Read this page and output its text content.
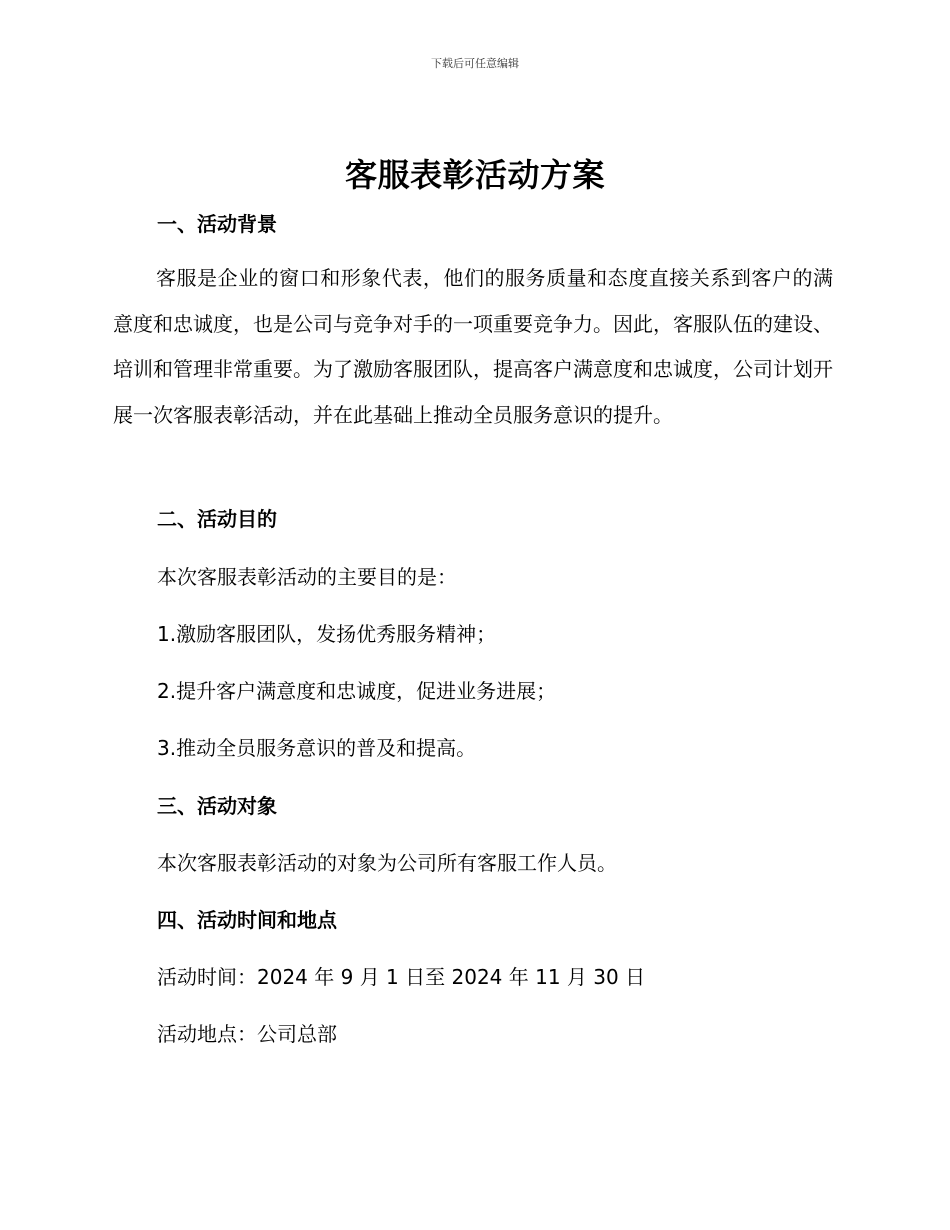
下载后可任意编辑
客服表彰活动方案
一、活动背景

客服是企业的窗口和形象代表，他们的服务质量和态度直接关系到客户的满意度和忠诚度，也是公司与竞争对手的一项重要竞争力。因此，客服队伍的建设、培训和管理非常重要。为了激励客服团队，提高客户满意度和忠诚度，公司计划开展一次客服表彰活动，并在此基础上推动全员服务意识的提升。

二、活动目的

本次客服表彰活动的主要目的是：

1.激励客服团队，发扬优秀服务精神；

2.提升客户满意度和忠诚度，促进业务进展；

3.推动全员服务意识的普及和提高。

三、活动对象

本次客服表彰活动的对象为公司所有客服工作人员。

四、活动时间和地点

活动时间：2024 年 9 月 1 日至 2024 年 11 月 30 日

活动地点：公司总部
